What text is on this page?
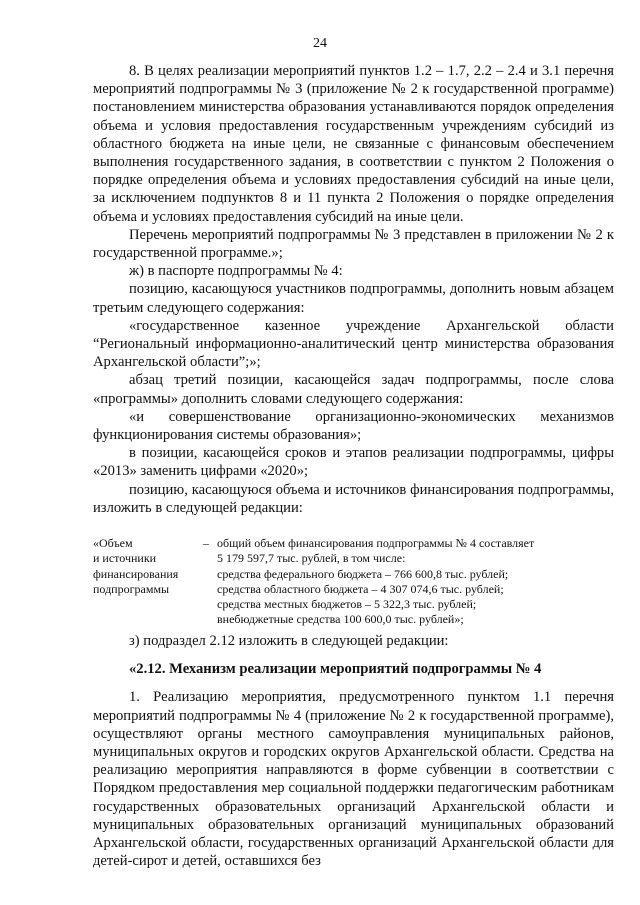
24

8. В целях реализации мероприятий пунктов 1.2 – 1.7, 2.2 – 2.4 и 3.1 перечня мероприятий подпрограммы № 3 (приложение № 2 к государственной программе) постановлением министерства образования устанавливаются порядок определения объема и условия предоставления государственным учреждениям субсидий из областного бюджета на иные цели, не связанные с финансовым обеспечением выполнения государственного задания, в соответствии с пунктом 2 Положения о порядке определения объема и условиях предоставления субсидий на иные цели, за исключением подпунктов 8 и 11 пункта 2 Положения о порядке определения объема и условиях предоставления субсидий на иные цели.

Перечень мероприятий подпрограммы № 3 представлен в приложении № 2 к государственной программе.»;

ж) в паспорте подпрограммы № 4:

позицию, касающуюся участников подпрограммы, дополнить новым абзацем третьим следующего содержания:

«государственное казенное учреждение Архангельской области “Региональный информационно-аналитический центр министерства образования Архангельской области”;»;

абзац третий позиции, касающейся задач подпрограммы, после слова «программы» дополнить словами следующего содержания:

«и совершенствование организационно-экономических механизмов функционирования системы образования»;

в позиции, касающейся сроков и этапов реализации подпрограммы, цифры «2013» заменить цифрами «2020»;

позицию, касающуюся объема и источников финансирования подпрограммы, изложить в следующей редакции:

«Объем
и источники
финансирования
подпрограммы
– общий объем финансирования подпрограммы № 4 составляет
5 179 597,7 тыс. рублей, в том числе:
средства федерального бюджета – 766 600,8 тыс. рублей;
средства областного бюджета – 4 307 074,6 тыс. рублей;
средства местных бюджетов – 5 322,3 тыс. рублей;
внебюджетные средства 100 600,0 тыс. рублей»;

з) подраздел 2.12 изложить в следующей редакции:

«2.12. Механизм реализации мероприятий подпрограммы № 4

1. Реализацию мероприятия, предусмотренного пунктом 1.1 перечня мероприятий подпрограммы № 4 (приложение № 2 к государственной программе), осуществляют органы местного самоуправления муниципальных районов, муниципальных округов и городских округов Архангельской области. Средства на реализацию мероприятия направляются в форме субвенции в соответствии с Порядком предоставления мер социальной поддержки педагогическим работникам государственных образовательных организаций Архангельской области и муниципальных образовательных организаций муниципальных образований Архангельской области, государственных организаций Архангельской области для детей-сирот и детей, оставшихся без
